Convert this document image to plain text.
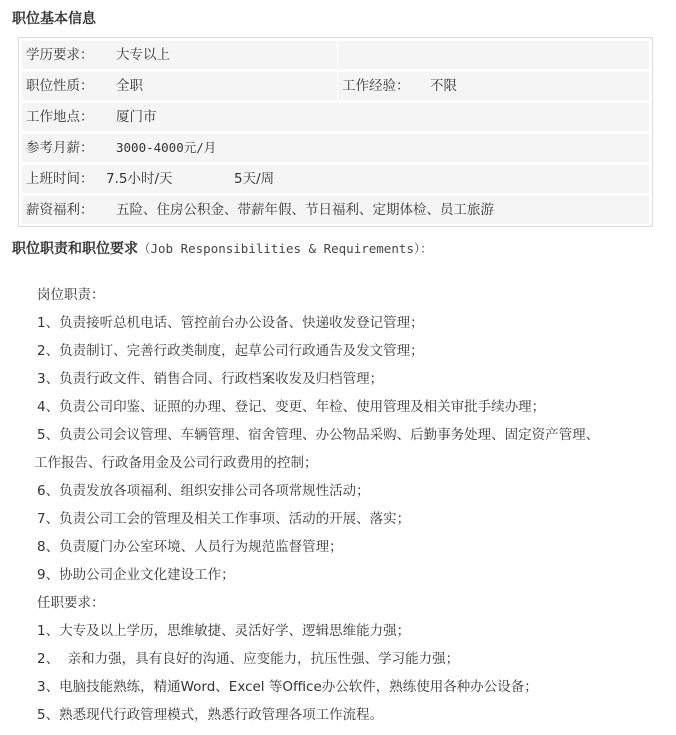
职位基本信息
学历要求： 大专以上
职位性质： 全职	工作经验： 不限
工作地点： 厦门市
参考月薪： 3000-4000元/月
上班时间： 7.5小时/天	5天/周
薪资福利： 五险、住房公积金、带薪年假、节日福利、定期体检、员工旅游
职位职责和职位要求（Job Responsibilities & Requirements）：
岗位职责：
1、负责接听总机电话、管控前台办公设备、快递收发登记管理；
2、负责制订、完善行政类制度，起草公司行政通告及发文管理；
3、负责行政文件、销售合同、行政档案收发及归档管理；
4、负责公司印鉴、证照的办理、登记、变更、年检、使用管理及相关审批手续办理；
5、负责公司会议管理、车辆管理、宿舍管理、办公物品采购、后勤事务处理、固定资产管理、
工作报告、行政备用金及公司行政费用的控制；
6、负责发放各项福利、组织安排公司各项常规性活动；
7、负责公司工会的管理及相关工作事项、活动的开展、落实；
8、负责厦门办公室环境、人员行为规范监督管理；
9、协助公司企业文化建设工作；
任职要求：
1、大专及以上学历，思维敏捷、灵活好学、逻辑思维能力强；
2、  亲和力强，具有良好的沟通、应变能力，抗压性强、学习能力强；
3、电脑技能熟练，精通Word、Excel 等Office办公软件，熟练使用各种办公设备；
5、熟悉现代行政管理模式，熟悉行政管理各项工作流程。
